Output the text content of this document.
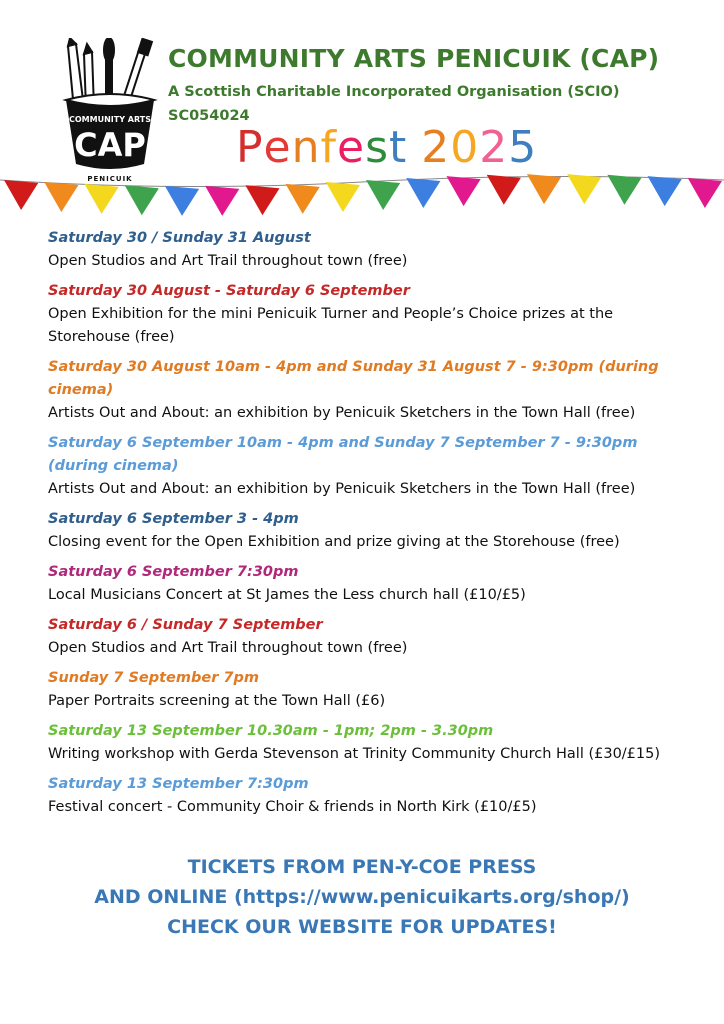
COMMUNITY ARTS
CAP
PENICUIK
COMMUNITY ARTS PENICUIK (CAP)

A Scottish Charitable Incorporated Organisation (SCIO)

SC054024

Penfest 2025

Saturday 30 / Sunday 31 August

Open Studios and Art Trail throughout town (free)

Saturday 30 August - Saturday 6 September

Open Exhibition for the mini Penicuik Turner and People’s Choice prizes at the Storehouse (free)

Saturday 30 August 10am - 4pm and Sunday 31 August 7 - 9:30pm (during cinema)

Artists Out and About: an exhibition by Penicuik Sketchers in the Town Hall (free)

Saturday 6 September 10am - 4pm and Sunday 7 September 7 - 9:30pm (during cinema)

Artists Out and About: an exhibition by Penicuik Sketchers in the Town Hall (free)

Saturday 6 September 3 - 4pm

Closing event for the Open Exhibition and prize giving at the Storehouse (free)

Saturday 6 September 7:30pm

Local Musicians Concert at St James the Less church hall (£10/£5)

Saturday 6 / Sunday 7 September

Open Studios and Art Trail throughout town (free)

Sunday 7 September 7pm

Paper Portraits screening at the Town Hall (£6)

Saturday 13 September 10.30am - 1pm; 2pm - 3.30pm

Writing workshop with Gerda Stevenson at Trinity Community Church Hall (£30/£15)

Saturday 13 September 7:30pm

Festival concert - Community Choir & friends in North Kirk (£10/£5)

TICKETS FROM PEN-Y-COE PRESS

AND ONLINE (https://www.penicuikarts.org/shop/)

CHECK OUR WEBSITE FOR UPDATES!
